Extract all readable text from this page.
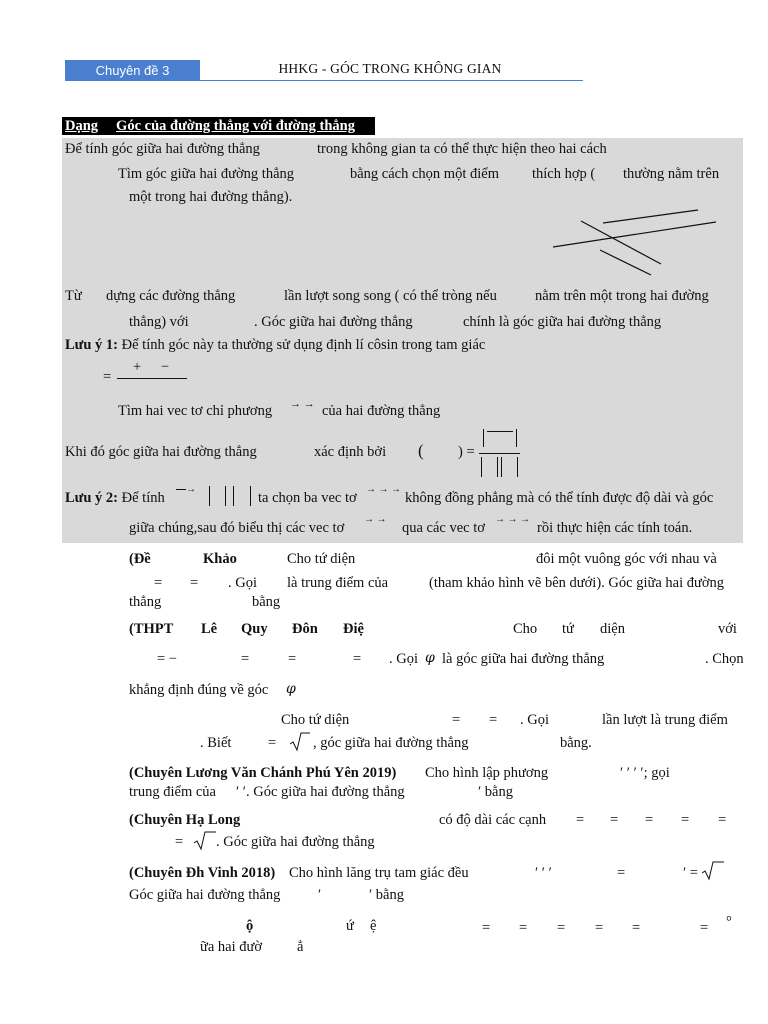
Chuyên đề 3	HHKG - GÓC TRONG KHÔNG GIAN
Dạng Góc của đường thẳng với đường thẳng
Để tính góc giữa hai đường thẳng	trong không gian ta có thể thực hiện theo hai cách
Tìm góc giữa hai đường thẳng	bằng cách chọn một điểm thích hợp ( thường nằm trên
một trong hai đường thẳng).
Từ dựng các đường thẳng	lần lượt song song ( có thể tròng nếu	nằm trên một trong hai đường
thẳng) với	. Góc giữa hai đường thẳng	chính là góc giữa hai đường thẳng
Lưu ý 1: Để tính góc này ta thường sử dụng định lí côsin trong tam giác
=
+ −
Tìm hai vec tơ chỉ phương → → của hai đường thẳng
Khi đó góc giữa hai đường thẳng	xác định bởi ( ) =
Lưu ý 2: Để tính
⎯⎯→
ta chọn ba vec tơ
→ → →
không đồng phẳng mà có thể tính được độ dài và góc
giữa chúng,sau đó biểu thị các vec tơ
→ →
qua các vec tơ
→ → →
rồi thực hiện các tính toán.
(Đề	Khảo	Cho tứ diện	đôi một vuông góc với nhau và
= = . Gọi là trung điểm của	(tham khảo hình vẽ bên dưới). Góc giữa hai đường
thẳng	bằng
(THPT Lê Quy Đôn Điệ	Cho tứ diện	với
= −	=	=	= . Gọi φ là góc giữa hai đường thẳng	. Chọn
khẳng định đúng về góc φ
Cho tứ diện	= = . Gọi	lần lượt là trung điểm
. Biết	=	, góc giữa hai đường thẳng	bằng.
(Chuyên Lương Văn Chánh Phú Yên 2019) Cho hình lập phương	′ ′ ′ ′; gọi
trung điểm của ′ ′. Góc giữa hai đường thẳng	′ bằng
(Chuyên Hạ Long	có độ dài các cạnh = = = = =
= . Góc giữa hai đường thẳng
(Chuyên Đh Vinh 2018) Cho hình lăng trụ tam giác đều	′ ′ ′	=	′ =
Góc giữa hai đường thẳng	′	′ bằng
ộ	ứ ệ	= = = = =	= °
ữa hai đườ ẳ
